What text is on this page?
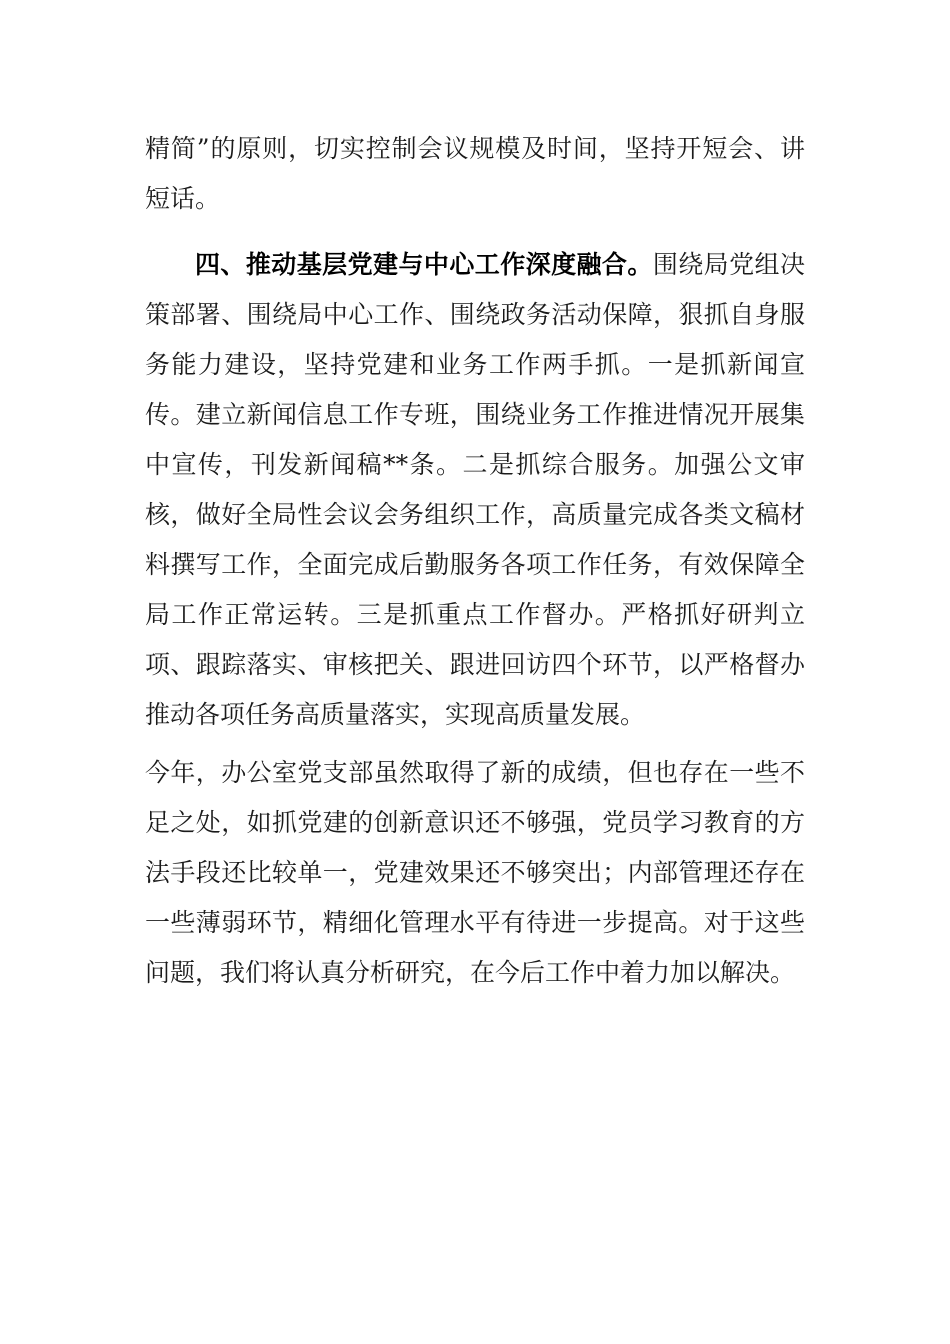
精简”的原则，切实控制会议规模及时间，坚持开短会、讲短话。

四、推动基层党建与中心工作深度融合。围绕局党组决策部署、围绕局中心工作、围绕政务活动保障，狠抓自身服务能力建设，坚持党建和业务工作两手抓。一是抓新闻宣传。建立新闻信息工作专班，围绕业务工作推进情况开展集中宣传，刊发新闻稿**条。二是抓综合服务。加强公文审核，做好全局性会议会务组织工作，高质量完成各类文稿材料撰写工作，全面完成后勤服务各项工作任务，有效保障全局工作正常运转。三是抓重点工作督办。严格抓好研判立项、跟踪落实、审核把关、跟进回访四个环节，以严格督办推动各项任务高质量落实，实现高质量发展。

今年，办公室党支部虽然取得了新的成绩，但也存在一些不足之处，如抓党建的创新意识还不够强，党员学习教育的方法手段还比较单一，党建效果还不够突出；内部管理还存在一些薄弱环节，精细化管理水平有待进一步提高。对于这些问题，我们将认真分析研究，在今后工作中着力加以解决。
